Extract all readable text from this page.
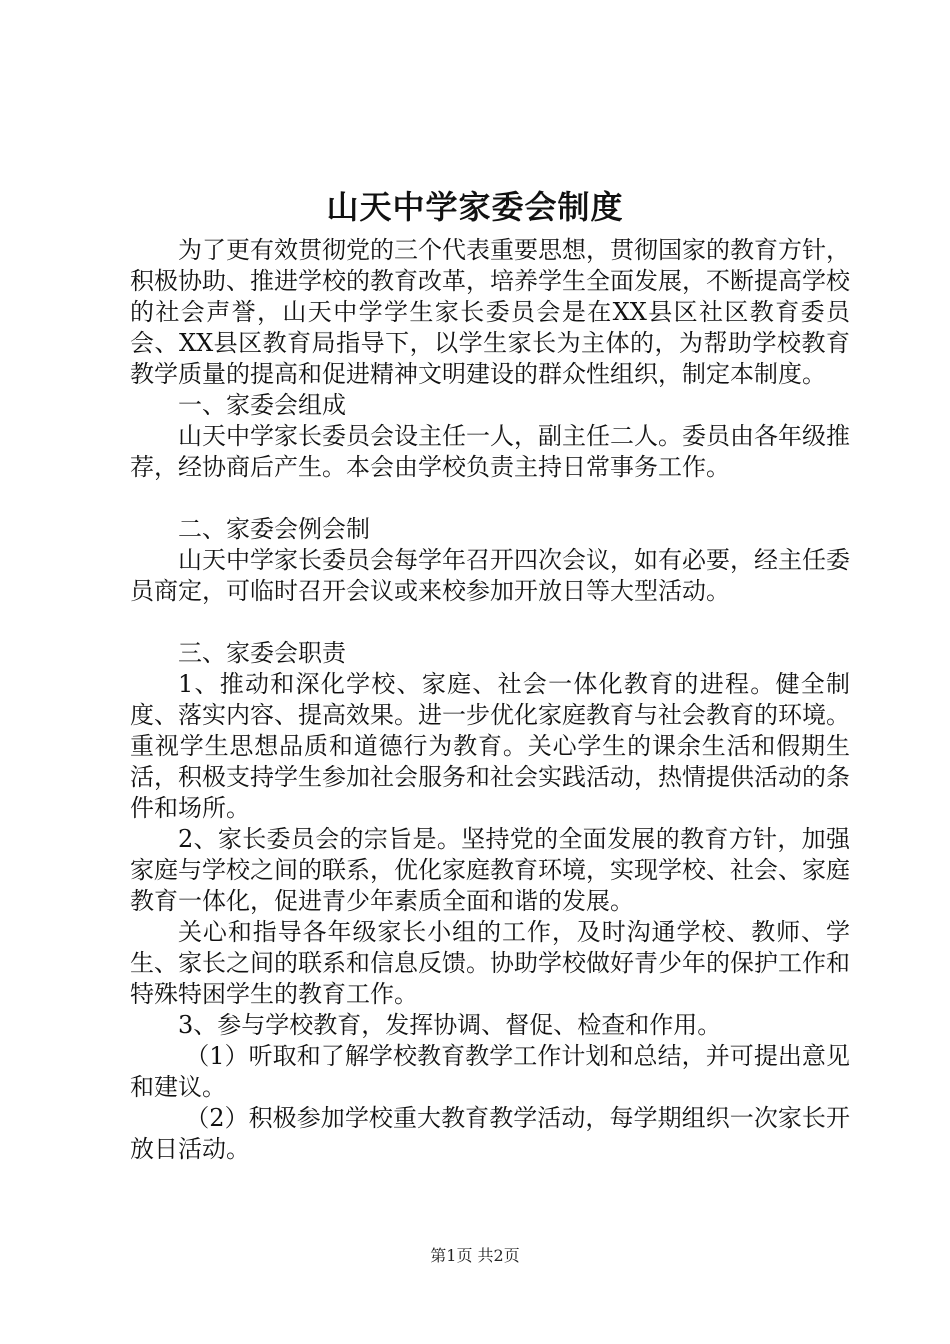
山天中学家委会制度

为了更有效贯彻党的三个代表重要思想，贯彻国家的教育方针，积极协助、推进学校的教育改革，培养学生全面发展，不断提高学校的社会声誉，山天中学学生家长委员会是在XX县区社区教育委员会、XX县区教育局指导下，以学生家长为主体的，为帮助学校教育教学质量的提高和促进精神文明建设的群众性组织，制定本制度。

一、家委会组成

山天中学家长委员会设主任一人，副主任二人。委员由各年级推荐，经协商后产生。本会由学校负责主持日常事务工作。

二、家委会例会制

山天中学家长委员会每学年召开四次会议，如有必要，经主任委员商定，可临时召开会议或来校参加开放日等大型活动。

三、家委会职责

1、推动和深化学校、家庭、社会一体化教育的进程。健全制度、落实内容、提高效果。进一步优化家庭教育与社会教育的环境。重视学生思想品质和道德行为教育。关心学生的课余生活和假期生活，积极支持学生参加社会服务和社会实践活动，热情提供活动的条件和场所。

2、家长委员会的宗旨是。坚持党的全面发展的教育方针，加强家庭与学校之间的联系，优化家庭教育环境，实现学校、社会、家庭教育一体化，促进青少年素质全面和谐的发展。

关心和指导各年级家长小组的工作，及时沟通学校、教师、学生、家长之间的联系和信息反馈。协助学校做好青少年的保护工作和特殊特困学生的教育工作。

3、参与学校教育，发挥协调、督促、检查和作用。

（1）听取和了解学校教育教学工作计划和总结，并可提出意见和建议。

（2）积极参加学校重大教育教学活动，每学期组织一次家长开放日活动。

第1页 共2页
